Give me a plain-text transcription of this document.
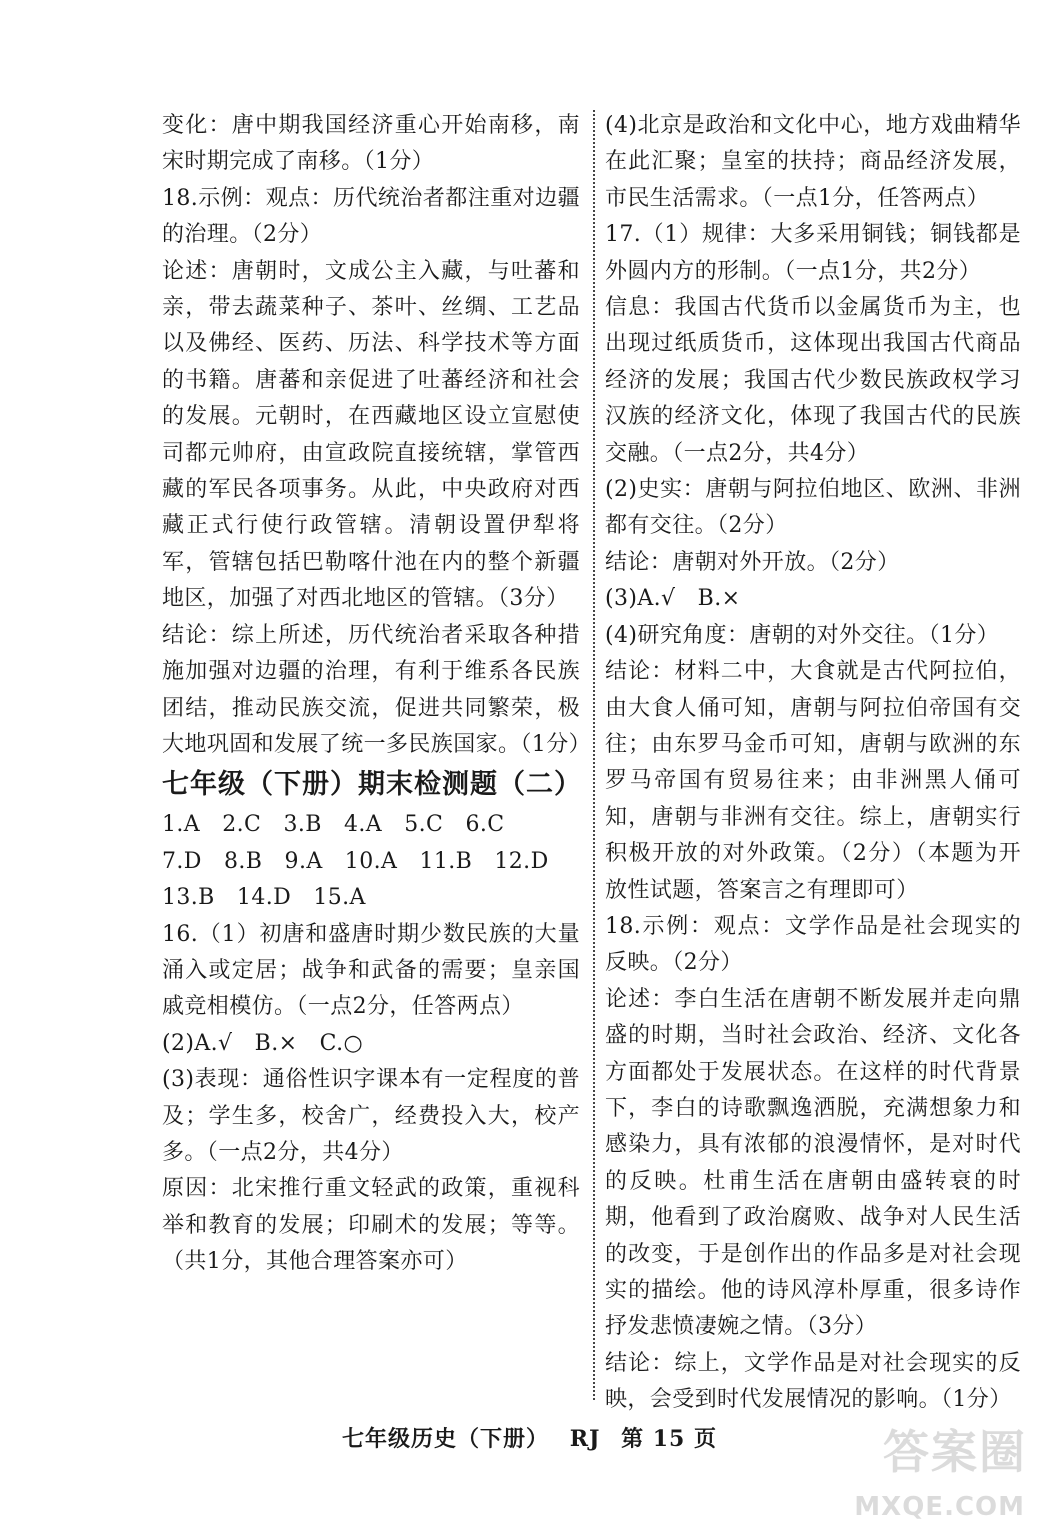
变化：唐中期我国经济重心开始南移，南宋时期完成了南移。（1分）

18.示例：观点：历代统治者都注重对边疆的治理。（2分）

论述：唐朝时，文成公主入藏，与吐蕃和亲，带去蔬菜种子、茶叶、丝绸、工艺品以及佛经、医药、历法、科学技术等方面的书籍。唐蕃和亲促进了吐蕃经济和社会的发展。元朝时，在西藏地区设立宣慰使司都元帅府，由宣政院直接统辖，掌管西藏的军民各项事务。从此，中央政府对西藏正式行使行政管辖。清朝设置伊犁将军，管辖包括巴勒喀什池在内的整个新疆地区，加强了对西北地区的管辖。（3分）

结论：综上所述，历代统治者采取各种措施加强对边疆的治理，有利于维系各民族团结，推动民族交流，促进共同繁荣，极大地巩固和发展了统一多民族国家。（1分）

七年级（下册）期末检测题（二）

1.A   2.C   3.B   4.A   5.C   6.C

7.D   8.B   9.A   10.A   11.B   12.D

13.B   14.D   15.A

16.（1）初唐和盛唐时期少数民族的大量涌入或定居；战争和武备的需要；皇亲国戚竞相模仿。（一点2分，任答两点）

(2)A.√   B.×   C.○

(3)表现：通俗性识字课本有一定程度的普及；学生多，校舍广，经费投入大，校产多。（一点2分，共4分）

原因：北宋推行重文轻武的政策，重视科举和教育的发展；印刷术的发展；等等。（共1分，其他合理答案亦可）

(4)北京是政治和文化中心，地方戏曲精华在此汇聚；皇室的扶持；商品经济发展，市民生活需求。（一点1分，任答两点）

17.（1）规律：大多采用铜钱；铜钱都是外圆内方的形制。（一点1分，共2分）

信息：我国古代货币以金属货币为主，也出现过纸质货币，这体现出我国古代商品经济的发展；我国古代少数民族政权学习汉族的经济文化，体现了我国古代的民族交融。（一点2分，共4分）

(2)史实：唐朝与阿拉伯地区、欧洲、非洲都有交往。（2分）

结论：唐朝对外开放。（2分）

(3)A.√   B.×

(4)研究角度：唐朝的对外交往。（1分）

结论：材料二中，大食就是古代阿拉伯，由大食人俑可知，唐朝与阿拉伯帝国有交往；由东罗马金币可知，唐朝与欧洲的东罗马帝国有贸易往来；由非洲黑人俑可知，唐朝与非洲有交往。综上，唐朝实行积极开放的对外政策。（2分）（本题为开放性试题，答案言之有理即可）

18.示例：观点：文学作品是社会现实的反映。（2分）

论述：李白生活在唐朝不断发展并走向鼎盛的时期，当时社会政治、经济、文化各方面都处于发展状态。在这样的时代背景下，李白的诗歌飘逸洒脱，充满想象力和感染力，具有浓郁的浪漫情怀，是对时代的反映。杜甫生活在唐朝由盛转衰的时期，他看到了政治腐败、战争对人民生活的改变，于是创作出的作品多是对社会现实的描绘。他的诗风淳朴厚重，很多诗作抒发悲愤凄婉之情。（3分）

结论：综上，文学作品是对社会现实的反映，会受到时代发展情况的影响。（1分）

七年级历史（下册） RJ 第 15 页	答案圈
MXQE.COM
